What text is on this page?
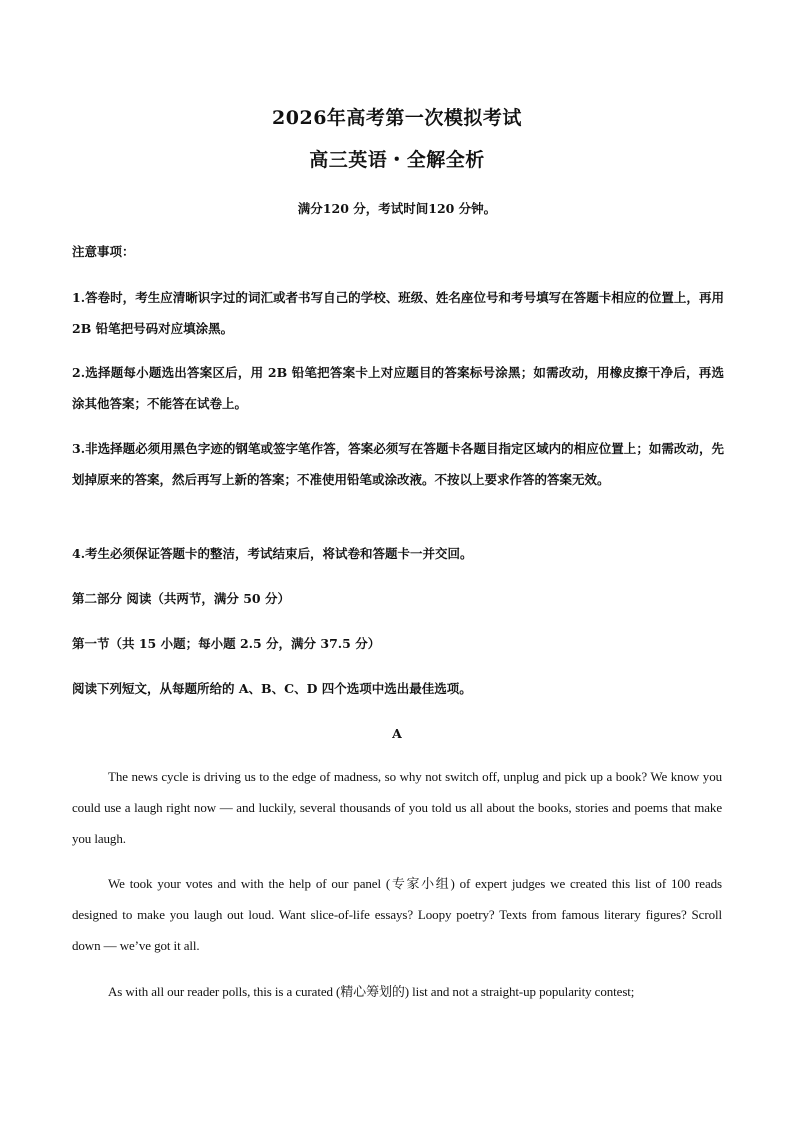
2026年高考第一次模拟考试
高三英语・全解全析
满分120 分，考试时间120 分钟。
注意事项：
1.答卷时，考生应清晰识字过的词汇或者书写自己的学校、班级、姓名座位号和考号填写在答题卡相应的位置上，再用 2B 铅笔把号码对应填涂黑。
2.选择题每小题选出答案区后，用 2B 铅笔把答案卡上对应题目的答案标号涂黑；如需改动，用橡皮擦干净后，再选涂其他答案；不能答在试卷上。
3.非选择题必须用黑色字迹的钢笔或签字笔作答，答案必须写在答题卡各题目指定区域内的相应位置上；如需改动，先划掉原来的答案，然后再写上新的答案；不准使用铅笔或涂改液。不按以上要求作答的答案无效。
4.考生必须保证答题卡的整洁，考试结束后，将试卷和答题卡一并交回。
第二部分 阅读（共两节，满分 50 分）
第一节（共 15 小题；每小题 2.5 分，满分 37.5 分）
阅读下列短文，从每题所给的 A、B、C、D 四个选项中选出最佳选项。
A
The news cycle is driving us to the edge of madness, so why not switch off, unplug and pick up a book? We know you could use a laugh right now — and luckily, several thousands of you told us all about the books, stories and poems that make you laugh.
We took your votes and with the help of our panel (专家小组) of expert judges we created this list of 100 reads designed to make you laugh out loud. Want slice-of-life essays? Loopy poetry? Texts from famous literary figures? Scroll down — we’ve got it all.
As with all our reader polls, this is a curated (精心筹划的) list and not a straight-up popularity contest;
